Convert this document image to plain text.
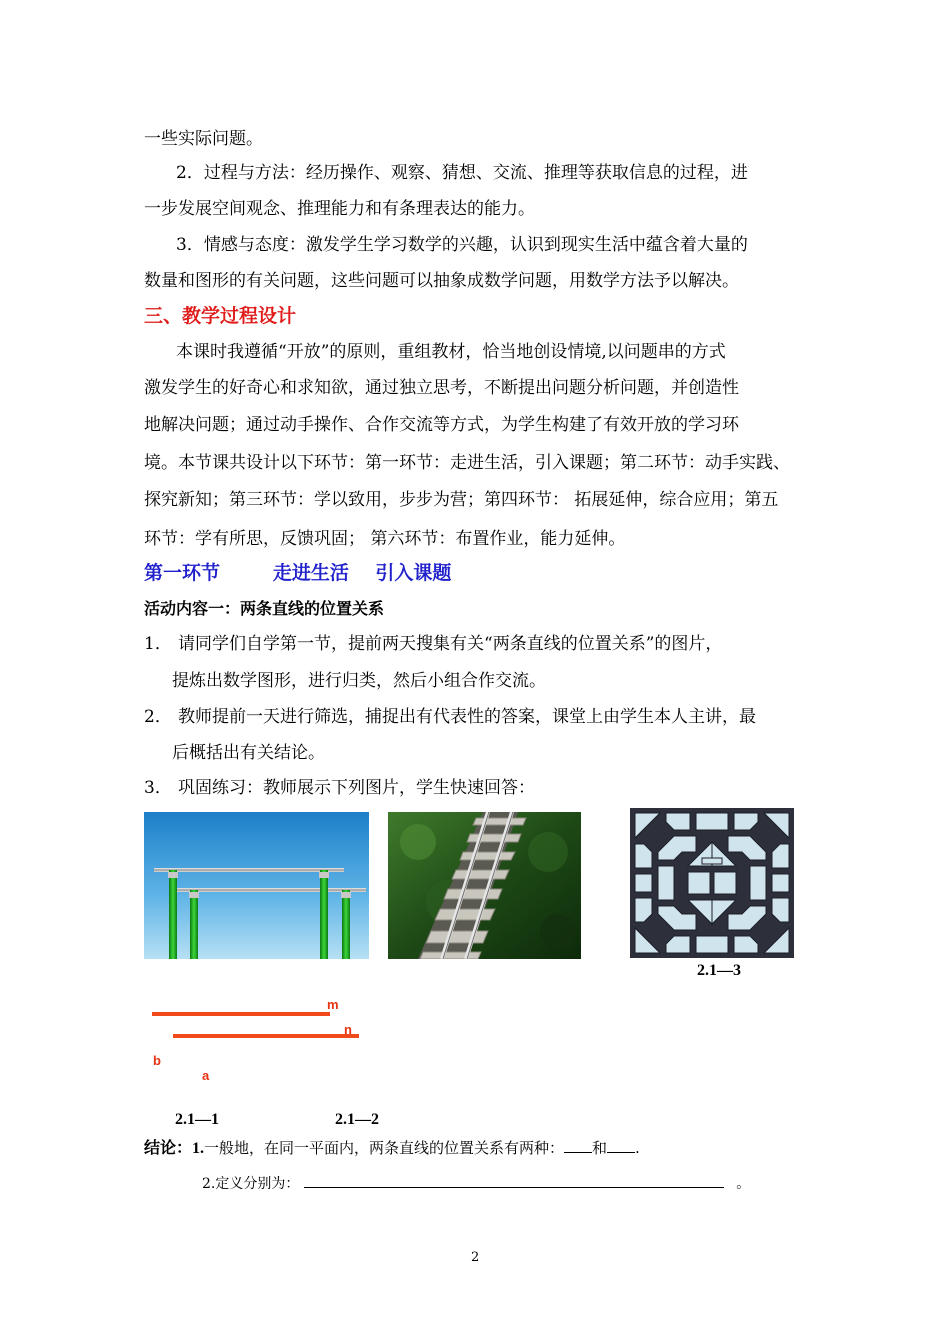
一些实际问题。
2．过程与方法：经历操作、观察、猜想、交流、推理等获取信息的过程，进
一步发展空间观念、推理能力和有条理表达的能力。
3．情感与态度：激发学生学习数学的兴趣，认识到现实生活中蕴含着大量的
数量和图形的有关问题，这些问题可以抽象成数学问题，用数学方法予以解决。
三、教学过程设计
本课时我遵循“开放”的原则，重组教材，恰当地创设情境,以问题串的方式
激发学生的好奇心和求知欲，通过独立思考，不断提出问题分析问题，并创造性
地解决问题；通过动手操作、合作交流等方式，为学生构建了有效开放的学习环
境。本节课共设计以下环节：第一环节：走进生活，引入课题；第二环节：动手实践、
探究新知；第三环节：学以致用，步步为营；第四环节： 拓展延伸，综合应用；第五
环节：学有所思，反馈巩固； 第六环节：布置作业，能力延伸。
第一环节        走进生活    引入课题
活动内容一：两条直线的位置关系
1． 请同学们自学第一节，提前两天搜集有关“两条直线的位置关系”的图片，
提炼出数学图形，进行归类，然后小组合作交流。
2． 教师提前一天进行筛选，捕捉出有代表性的答案，课堂上由学生本人主讲，最
后概括出有关结论。
3． 巩固练习：教师展示下列图片，学生快速回答：
2.1—3
m
n
b
a
2.1—1	2.1—2
结论：1.一般地，在同一平面内，两条直线的位置关系有两种： 和 .
2.定义分别为：	。
2
